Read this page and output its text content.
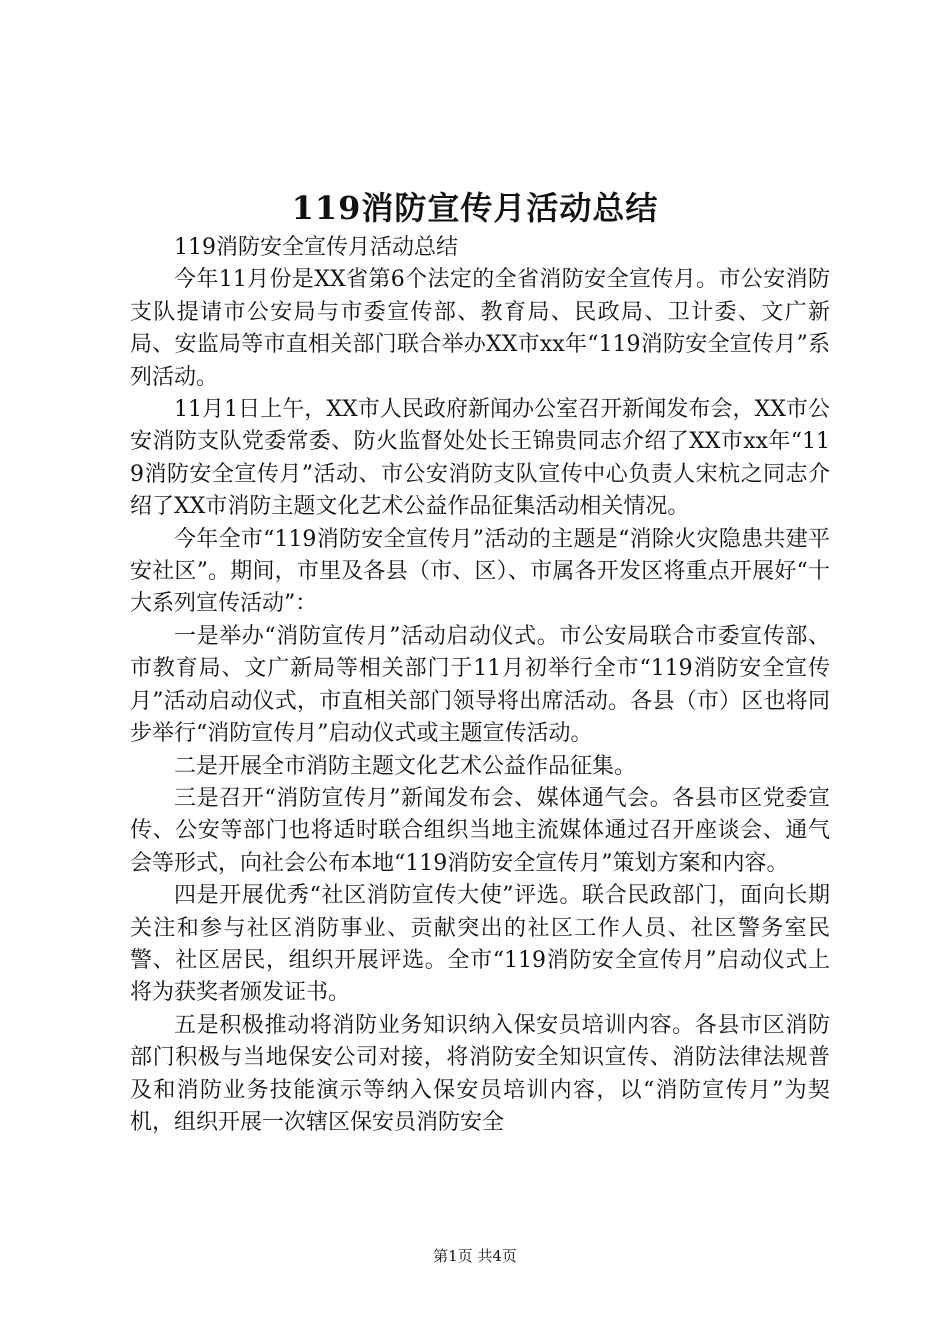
119消防宣传月活动总结

119消防安全宣传月活动总结

今年11月份是XX省第6个法定的全省消防安全宣传月。市公安消防支队提请市公安局与市委宣传部、教育局、民政局、卫计委、文广新局、安监局等市直相关部门联合举办XX市xx年“119消防安全宣传月”系列活动。

11月1日上午，XX市人民政府新闻办公室召开新闻发布会，XX市公安消防支队党委常委、防火监督处处长王锦贵同志介绍了XX市xx年“119消防安全宣传月”活动、市公安消防支队宣传中心负责人宋杭之同志介绍了XX市消防主题文化艺术公益作品征集活动相关情况。

今年全市“119消防安全宣传月”活动的主题是“消除火灾隐患共建平安社区”。期间，市里及各县（市、区）、市属各开发区将重点开展好“十大系列宣传活动”：

一是举办“消防宣传月”活动启动仪式。市公安局联合市委宣传部、市教育局、文广新局等相关部门于11月初举行全市“119消防安全宣传月”活动启动仪式，市直相关部门领导将出席活动。各县（市）区也将同步举行“消防宣传月”启动仪式或主题宣传活动。

二是开展全市消防主题文化艺术公益作品征集。

三是召开“消防宣传月”新闻发布会、媒体通气会。各县市区党委宣传、公安等部门也将适时联合组织当地主流媒体通过召开座谈会、通气会等形式，向社会公布本地“119消防安全宣传月”策划方案和内容。

四是开展优秀“社区消防宣传大使”评选。联合民政部门，面向长期关注和参与社区消防事业、贡献突出的社区工作人员、社区警务室民警、社区居民，组织开展评选。全市“119消防安全宣传月”启动仪式上将为获奖者颁发证书。

五是积极推动将消防业务知识纳入保安员培训内容。各县市区消防部门积极与当地保安公司对接，将消防安全知识宣传、消防法律法规普及和消防业务技能演示等纳入保安员培训内容，以“消防宣传月”为契机，组织开展一次辖区保安员消防安全

第1页 共4页
